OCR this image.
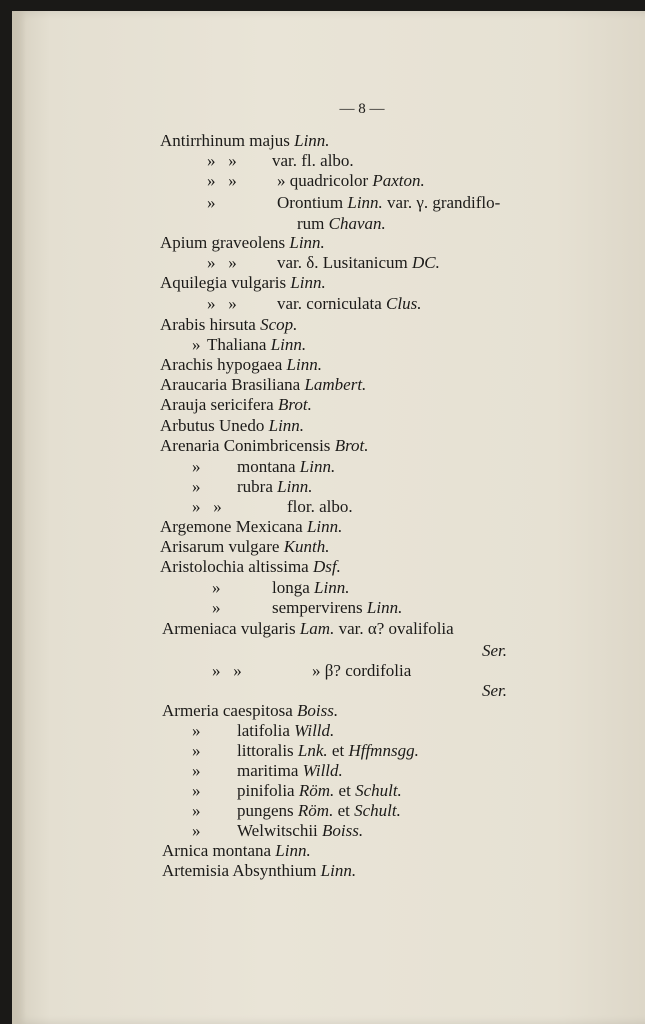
— 8 —
Antirrhinum majus Linn.
»   » var. fl. albo.
»   » » quadricolor Paxton.
»	Orontium Linn. var. γ. grandiflo-
rum Chavan.
Apium graveolens Linn.
»   » var. δ. Lusitanicum DC.
Aquilegia vulgaris Linn.
»   » var. corniculata Clus.
Arabis hirsuta Scop.
» Thaliana Linn.
Arachis hypogaea Linn.
Araucaria Brasiliana Lambert.
Arauja sericifera Brot.
Arbutus Unedo Linn.
Arenaria Conimbricensis Brot.
» montana Linn.
» rubra Linn.
»   »	flor. albo.
Argemone Mexicana Linn.
Arisarum vulgare Kunth.
Aristolochia altissima Dsf.
»	longa Linn.
»	sempervirens Linn.
Armeniaca vulgaris Lam. var. α? ovalifolia
Ser.
»   »	» β? cordifolia
Ser.
Armeria caespitosa Boiss.
» latifolia Willd.
» littoralis Lnk. et Hffmnsgg.
» maritima Willd.
» pinifolia Röm. et Schult.
» pungens Röm. et Schult.
» Welwitschii Boiss.
Arnica montana Linn.
Artemisia Absynthium Linn.
